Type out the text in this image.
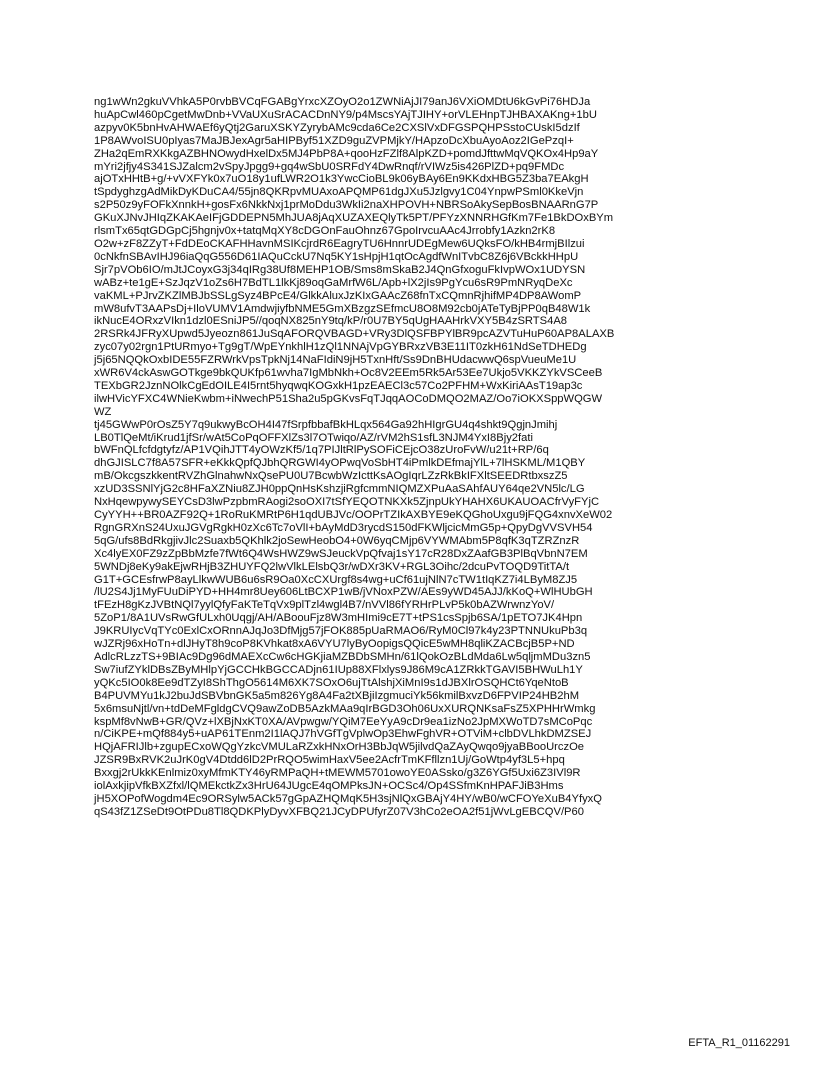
ng1wWn2gkuVVhkA5P0rvbBVCqFGABgYrxcXZOyO2o1ZWNiAjJI79anJ6VXiOMDtU6kGvPi76HDJa
huApCwl460pCgetMwDnb+VVaUXuSrACACDnNY9/p4MscsYAjTJIHY+orVLEHnpTJHBAXAKng+1bU
azpyv0K5bnHvAHWAEf6yQtj2GaruXSKYZyrybAMc9cda6Ce2CXSlVxDFGSPQHPSstoCUskI5dzIf
1P8AWvoISU0pIyas7MaJBJexAgr5aHIPByf51XZD9guZVPMjkY/HApzoDcXbuAyoAoz2IGePzqI+
ZHa2qEmRXKkgAZBHNOwydHxelDx5MJ4PbP8A+qooHzFZlf8AlpKZD+pomdJfttwMqVQKOx4Hp9aY
mYri2jfjy4S341SJZalcm2vSpyJpgg9+gq4wSbU0SRFdY4DwRnqf/rVIWz5is426PlZD+pq9FMDc
ajOTxHHtB+g/+vVXFYk0x7uO18y1ufLWR2O1k3YwcCioBL9k06yBAy6En9KKdxHBG5Z3ba7EAkgH
tSpdyghzgAdMikDyKDuCA4/55jn8QKRpvMUAxoAPQMP61dgJXu5Jzlgvy1C04YnpwPSml0KkeVjn
s2P50z9yFOFkXnnkH+gosFx6NkkNxj1prMoDdu3WkIi2naXHPOVH+NBRSoAkySepBosBNAARnG7P
GKuXJNvJHIqZKAKAeIFjGDDEPN5MhJUA8jAqXUZAXEQlyTk5PT/PFYzXNNRHGfKm7Fe1BkDOxBYm
rlsmTx65qtGDGpCj5hgnjv0x+tatqMqXY8cDGOnFauOhnz67GpoIrvcuAAc4Jrrobfy1Azkn2rK8
O2w+zF8ZZyT+FdDEoCKAFHHavnMSIKcjrdR6EagryTU6HnnrUDEgMew6UQksFO/kHB4rmjBIlzui
0cNkfnSBAvIHJ96iaQqG556D61IAQuCckU7Nq5KY1sHpjH1qtOcAgdfWnITvbC8Z6j6VBckkHHpU
Sjr7pVOb6IO/mJtJCoyxG3j34qIRg38Uf8MEHP1OB/Sms8mSkaB2J4QnGfxoguFkIvpWOx1UDYSN
wABz+te1gE+SzJqzV1oZs6H7BdTL1lkKj89oqGaMrfW6L/Apb+lX2jIs9PgYcu6sR9PmNRyqDeXc
vaKML+PJrvZKZlMBJbSSLgSyz4BPcE4/GlkkAluxJzKIxGAAcZ68fnTxCQmnRjhifMP4DP8AWomP
mW8ufvT3AAPsDj+IloVUMV1AmdwjiyfbNME5GmXBzgzSEfmcU8O8M92cb0jATeTyBjPP0qB48W1k
ikNucE4ORxzVIkn1dzl0ESniJP5//qoqNX825nY9tq/kP/r0U7BY5qUgHAAHrkVXY5B4zSRTS4A8
2RSRk4JFRyXUpwd5Jyeozn861JuSqAFORQVBAGD+VRy3DlQSFBPYlBR9pcAZVTuHuP60AP8ALAXB
zyc07y02rgn1PtURmyo+Tg9gT/WpEYnkhlH1zQl1NNAjVpGYBRxzVB3E11IT0zkH61NdSeTDHEDg
j5j65NQQkOxbIDE55FZRWrkVpsTpkNj14NaFIdiN9jH5TxnHft/Ss9DnBHUdacwwQ6spVueuMe1U
xWR6V4ckAswGOTkge9bkQUKfp61wvha7IgMbNkh+Oc8V2EEm5Rk5Ar53Ee7Ukjo5VKKZYkVSCeeB
TEXbGR2JznNOlkCgEdOILE4I5rnt5hyqwqKOGxkH1pzEAECl3c57Co2PFHM+WxKiriAAsT19ap3c
ilwHVicYFXC4WNieKwbm+iNwechP51Sha2u5pGKvsFqTJqqAOCoDMQO2MAZ/Oo7iOKXSppWQGW
WZ
tj45GWwP0rOsZ5Y7q9ukwyBcOH4I47fSrpfbbafBkHLqx564Ga92hHIgrGU4q4shkt9QgjnJmihj
LB0TlQeMt/iKrud1jfSr/wAt5CoPqOFFXlZs3l7OTwiqo/AZ/rVM2hS1sfL3NJM4YxI8Bjy2fati
bWFnQLfcfdgtyfz/AP1VQihJTT4yOWzKf5/1q7PIJltRlPySOFiCEjcO38zUroFvW/u21t+RP/6q
dhGJISLC7f8A57SFR+eKkkQpfQJbhQRGWI4yOPwqVoSbHT4iPmlkDEfmajYlL+7lHSKML/M1QBY
mB/OkcgszkkentRVZhGlnahwNxQsePU0U7BcwbWzIcttKsAOgIqrLZzRkBkIFXltSEEDRtbxszZ5
xzUD3SSNlYjG2c8HFaXZNiu8ZJH0ppQnHsKshzjiRgfcmmNIQMZXPuAaSAhfAUY64qe2VN5lc/LG
NxHqewpywySEYCsD3lwPzpbmRAogi2soOXI7tSfYEQOTNKXk5ZjnpUkYHAHX6UKAUOACfrVyFYjC
CyYYH++BR0AZF92Q+1RoRuKMRtP6H1qdUBJVc/OOPrTZIkAXBYE9eKQGhoUxgu9jFQG4xnvXeW02
RgnGRXnS24UxuJGVgRgkH0zXc6Tc7oVlI+bAyMdD3rycdS150dFKWljcicMmG5p+QpyDgVVSVH54
5qG/ufs8BdRkgjivJlc2Suaxb5QKhlk2joSewHeobO4+0W6yqCMjp6VYWMAbm5P8qfK3qTZRZnzR
Xc4lyEX0FZ9zZpBbMzfe7fWt6Q4WsHWZ9wSJeuckVpQfvaj1sY17cR28DxZAafGB3PlBqVbnN7EM
5WNDj8eKy9akEjwRHjB3ZHUYFQ2lwVlkLElsbQ3r/wDXr3KV+RGL3Oihc/2dcuPvTOQD9TitTA/t
G1T+GCEsfrwP8ayLlkwWUB6u6sR9Oa0XcCXUrgf8s4wg+uCf61ujNlN7cTW1tIqKZ7i4LByM8ZJ5
/lU2S4Jj1MyFUuDiPYD+HH4mr8Uey606LtBCXP1wB/jVNoxPZW/AEs9yWD45AJJ/kKoQ+WlHUbGH
tFEzH8gKzJVBtNQl7yylQfyFaKTeTqVx9plTzl4wgl4B7/nVVl86fYRHrPLvP5k0bAZWrwnzYoV/
5ZoP1/8A1UVsRwGfULxh0Uqgj/AH/ABoouFjz8W3mHImi9cE7T+tPS1csSpjb6SA/1pETO7JK4Hpn
J9KRUIycVqTYc0ExlCxORnnAJqJo3DfMjg57jFOK885pUaRMAO6/RyM0Cl97k4y23PTNNUkuPb3q
wJZRj96xHoTn+dlJHyT8h9coP8KVhkat8xA6VYU7lyByOopigsQQicE5wMH8qliKZACBcjB5P+ND
AdlcRLzzTS+9BIAc9Dg96dMAEXcCw6cHGKjiaMZBDbSMHn/61lQokOzBLdMda6Lw5qljmMDu3zn5
Sw7iufZYklDBsZByMHlpYjGCCHkBGCCADjn61IUp88XFlxlys9J86M9cA1ZRkkTGAVI5BHWuLh1Y
yQKc5IO0k8Ee9dTZyI8ShThgO5614M6XK7SOxO6ujTtAlshjXiMnI9s1dJBXlrOSQHCt6YqeNtoB
B4PUVMYu1kJ2buJdSBVbnGK5a5m826Yg8A4Fa2tXBjiIzgmuciYk56kmilBxvzD6FPVIP24HB2hM
5x6msuNjtl/vn+tdDeMFgldgCVQ9awZoDB5AzkMAa9qIrBGD3Oh06UxXURQNKsaFsZ5XPHHrWmkg
kspMf8vNwB+GR/QVz+lXBjNxKT0XA/AVpwgw/YQiM7EeYyA9cDr9ea1izNo2JpMXWoTD7sMCoPqc
n/CiKPE+mQf884y5+uAP61TEnm2I1lAQJ7hVGfTgVplwOp3EhwFghVR+OTViM+clbDVLhkDMZSEJ
HQjAFRIJlb+zgupECxoWQgYzkcVMULaRZxkHNxOrH3BbJqW5jilvdQaZAyQwqo9jyaBBooUrczOe
JZSR9BxRVK2uJrK0gV4Dtdd6lD2PrRQO5wimHaxV5ee2AcfrTmKFfllzn1Uj/GoWtp4yf3L5+hpq
Bxxgj2rUkkKEnlmiz0xyMfmKTY46yRMPaQH+tMEWM5701owoYE0ASsko/g3Z6YGf5Uxi6Z3IVl9R
iolAxkjipVfkBXZfxl/lQMEkctkZx3HrU64JUgcE4qOMPksJN+OCSc4/Op4SSfmKnHPAFJiB3Hms
jH5XOPofWogdm4Ec9ORSylw5ACk57gGpAZHQMqK5H3sjNlQxGBAjY4HY/wB0/wCFOYeXuB4YfyxQ
qS43fZ1ZSeDt9OtPDu8Tl8QDKPlyDyvXFBQ21JCyDPUfyrZ07V3hCo2eOA2f51jWvLgEBCQV/P60

EFTA_R1_01162291
